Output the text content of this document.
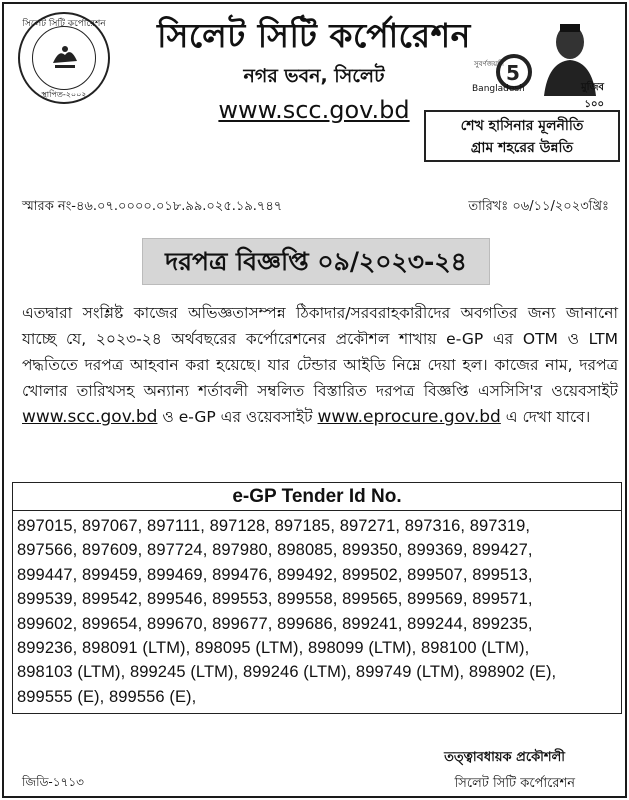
সিলেট সিটি কর্পোরেশন
স্থাপিত-২০০২
সিলেট সিটি কর্পোরেশন
নগর ভবন, সিলেট
www.scc.gov.bd
সুবর্ণজয়ন্তী 5
Bangladesh	মুজিব ১০০
শেখ হাসিনার মূলনীতি
গ্রাম শহরের উন্নতি
স্মারক নং-৪৬.০৭.০০০০.০১৮.৯৯.০২৫.১৯.৭৪৭	তারিখঃ ০৬/১১/২০২৩খ্রিঃ
দরপত্র বিজ্ঞপ্তি ০৯/২০২৩-২৪
এতদ্বারা সংশ্লিষ্ট কাজের অভিজ্ঞতাসম্পন্ন ঠিকাদার/সরবরাহকারীদের অবগতির জন্য জানানো যাচ্ছে যে, ২০২৩-২৪ অর্থবছরের কর্পোরেশনের প্রকৌশল শাখায় e-GP এর OTM ও LTM পদ্ধতিতে দরপত্র আহবান করা হয়েছে। যার টেন্ডার আইডি নিম্নে দেয়া হল। কাজের নাম, দরপত্র খোলার তারিখসহ অন্যান্য শর্তাবলী সম্বলিত বিস্তারিত দরপত্র বিজ্ঞপ্তি এসসিসি'র ওয়েবসাইট www.scc.gov.bd ও e-GP এর ওয়েবসাইট www.eprocure.gov.bd এ দেখা যাবে।
e-GP Tender Id No.
897015, 897067, 897111, 897128, 897185, 897271, 897316, 897319,
897566, 897609, 897724, 897980, 898085, 899350, 899369, 899427,
899447, 899459, 899469, 899476, 899492, 899502, 899507, 899513,
899539, 899542, 899546, 899553, 899558, 899565, 899569, 899571,
899602, 899654, 899670, 899677, 899686, 899241, 899244, 899235,
899236, 898091 (LTM), 898095 (LTM), 898099 (LTM), 898100 (LTM),
898103 (LTM), 899245 (LTM), 899246 (LTM), 899749 (LTM), 898902 (E),
899555 (E), 899556 (E),
তত্ত্বাবধায়ক প্রকৌশলী
সিলেট সিটি কর্পোরেশন
জিডি-১৭১৩
